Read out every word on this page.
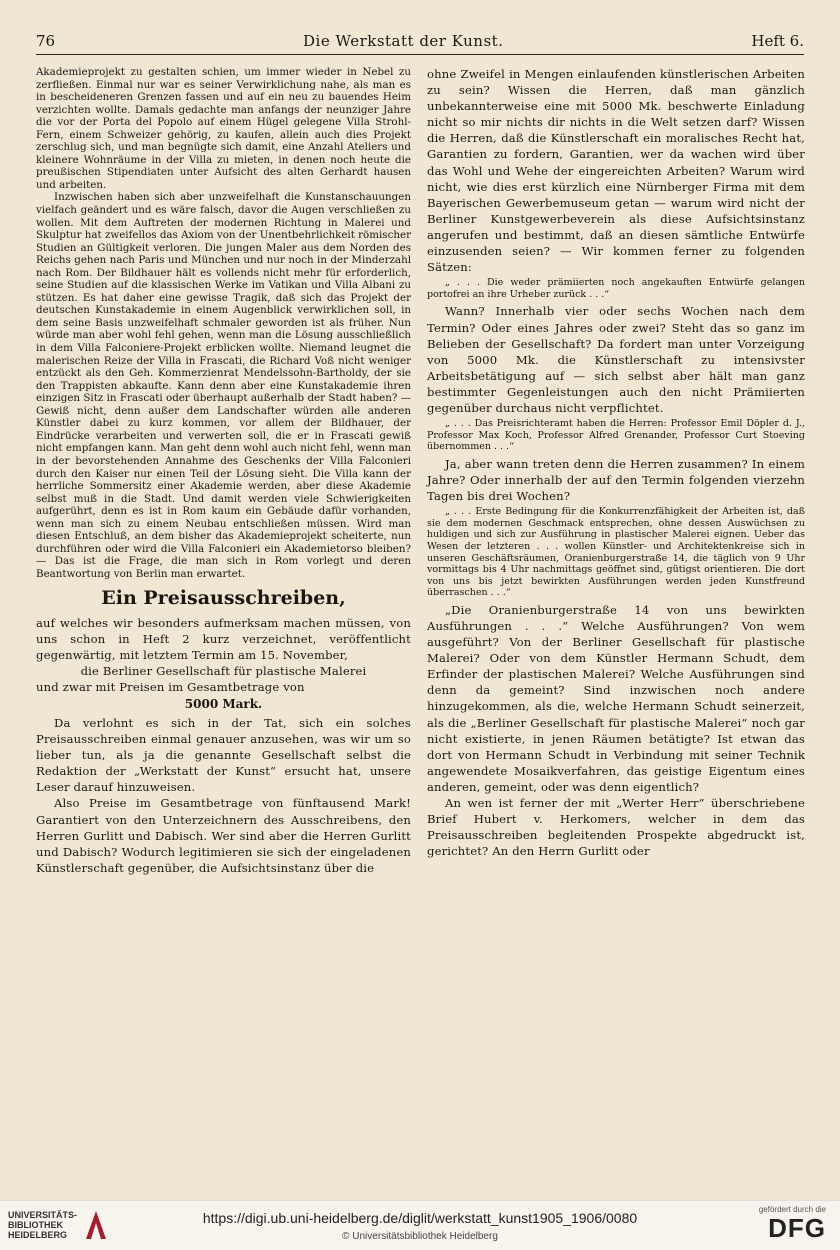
76	Die Werkstatt der Kunst.	Heft 6.

Akademieprojekt zu gestalten schien, um immer wieder in Nebel zu zerfließen. Einmal nur war es seiner Verwirklichung nahe, als man es in bescheideneren Grenzen fassen und auf ein neu zu bauendes Heim verzichten wollte. Damals gedachte man anfangs der neunziger Jahre die vor der Porta del Popolo auf einem Hügel gelegene Villa Strohl-Fern, einem Schweizer gehörig, zu kaufen, allein auch dies Projekt zerschlug sich, und man begnügte sich damit, eine Anzahl Ateliers und kleinere Wohnräume in der Villa zu mieten, in denen noch heute die preußischen Stipendiaten unter Aufsicht des alten Gerhardt hausen und arbeiten.

Inzwischen haben sich aber unzweifelhaft die Kunstanschauungen vielfach geändert und es wäre falsch, davor die Augen verschließen zu wollen. Mit dem Auftreten der modernen Richtung in Malerei und Skulptur hat zweifellos das Axiom von der Unentbehrlichkeit römischer Studien an Gültigkeit verloren. Die jungen Maler aus dem Norden des Reichs gehen nach Paris und München und nur noch in der Minderzahl nach Rom. Der Bildhauer hält es vollends nicht mehr für erforderlich, seine Studien auf die klassischen Werke im Vatikan und Villa Albani zu stützen. Es hat daher eine gewisse Tragik, daß sich das Projekt der deutschen Kunstakademie in einem Augenblick verwirklichen soll, in dem seine Basis unzweifelhaft schmaler geworden ist als früher. Nun würde man aber wohl fehl gehen, wenn man die Lösung ausschließlich in dem Villa Falconiere-Projekt erblicken wollte. Niemand leugnet die malerischen Reize der Villa in Frascati, die Richard Voß nicht weniger entzückt als den Geh. Kommerzienrat Mendelssohn-Bartholdy, der sie den Trappisten abkaufte. Kann denn aber eine Kunstakademie ihren einzigen Sitz in Frascati oder überhaupt außerhalb der Stadt haben? — Gewiß nicht, denn außer dem Landschafter würden alle anderen Künstler dabei zu kurz kommen, vor allem der Bildhauer, der Eindrücke verarbeiten und verwerten soll, die er in Frascati gewiß nicht empfangen kann. Man geht denn wohl auch nicht fehl, wenn man in der bevorstehenden Annahme des Geschenks der Villa Falconieri durch den Kaiser nur einen Teil der Lösung sieht. Die Villa kann der herrliche Sommersitz einer Akademie werden, aber diese Akademie selbst muß in die Stadt. Und damit werden viele Schwierigkeiten aufgerührt, denn es ist in Rom kaum ein Gebäude dafür vorhanden, wenn man sich zu einem Neubau entschließen müssen. Wird man diesen Entschluß, an dem bisher das Akademieprojekt scheiterte, nun durchführen oder wird die Villa Falconieri ein Akademietorso bleiben? — Das ist die Frage, die man sich in Rom vorlegt und deren Beantwortung von Berlin man erwartet.

Ein Preisausschreiben,

auf welches wir besonders aufmerksam machen müssen, von uns schon in Heft 2 kurz verzeichnet, veröffentlicht gegenwärtig, mit letztem Termin am 15. November,

die Berliner Gesellschaft für plastische Malerei

und zwar mit Preisen im Gesamtbetrage von

5000 Mark.

Da verlohnt es sich in der Tat, sich ein solches Preisausschreiben einmal genauer anzusehen, was wir um so lieber tun, als ja die genannte Gesellschaft selbst die Redaktion der „Werkstatt der Kunst“ ersucht hat, unsere Leser darauf hinzuweisen.

Also Preise im Gesamtbetrage von fünftausend Mark! Garantiert von den Unterzeichnern des Ausschreibens, den Herren Gurlitt und Dabisch. Wer sind aber die Herren Gurlitt und Dabisch? Wodurch legitimieren sie sich der eingeladenen Künstlerschaft gegenüber, die Aufsichtsinstanz über die

ohne Zweifel in Mengen einlaufenden künstlerischen Arbeiten zu sein? Wissen die Herren, daß man gänzlich unbekannterweise eine mit 5000 Mk. beschwerte Einladung nicht so mir nichts dir nichts in die Welt setzen darf? Wissen die Herren, daß die Künstlerschaft ein moralisches Recht hat, Garantien zu fordern, Garantien, wer da wachen wird über das Wohl und Wehe der eingereichten Arbeiten? Warum wird nicht, wie dies erst kürzlich eine Nürnberger Firma mit dem Bayerischen Gewerbemuseum getan — warum wird nicht der Berliner Kunstgewerbeverein als diese Aufsichtsinstanz angerufen und bestimmt, daß an diesen sämtliche Entwürfe einzusenden seien? — Wir kommen ferner zu folgenden Sätzen:

„ . . . Die weder prämiierten noch angekauften Entwürfe gelangen portofrei an ihre Urheber zurück . . .“

Wann? Innerhalb vier oder sechs Wochen nach dem Termin? Oder eines Jahres oder zwei? Steht das so ganz im Belieben der Gesellschaft? Da fordert man unter Vorzeigung von 5000 Mk. die Künstlerschaft zu intensivster Arbeitsbetätigung auf — sich selbst aber hält man ganz bestimmter Gegenleistungen auch den nicht Prämiierten gegenüber durchaus nicht verpflichtet.

„ . . . Das Preisrichteramt haben die Herren: Professor Emil Döpler d. J., Professor Max Koch, Professor Alfred Grenander, Professor Curt Stoeving übernommen . . .“

Ja, aber wann treten denn die Herren zusammen? In einem Jahre? Oder innerhalb der auf den Termin folgenden vierzehn Tagen bis drei Wochen?

„ . . . Erste Bedingung für die Konkurrenzfähigkeit der Arbeiten ist, daß sie dem modernen Geschmack entsprechen, ohne dessen Auswüchsen zu huldigen und sich zur Ausführung in plastischer Malerei eignen. Ueber das Wesen der letzteren . . . wollen Künstler- und Architektenkreise sich in unseren Geschäftsräumen, Oranienburgerstraße 14, die täglich von 9 Uhr vormittags bis 4 Uhr nachmittags geöffnet sind, gütigst orientieren. Die dort von uns bis jetzt bewirkten Ausführungen werden jeden Kunstfreund überraschen . . .“

„Die Oranienburgerstraße 14 von uns bewirkten Ausführungen . . .“ Welche Ausführungen? Von wem ausgeführt? Von der Berliner Gesellschaft für plastische Malerei? Oder von dem Künstler Hermann Schudt, dem Erfinder der plastischen Malerei? Welche Ausführungen sind denn da gemeint? Sind inzwischen noch andere hinzugekommen, als die, welche Hermann Schudt seinerzeit, als die „Berliner Gesellschaft für plastische Malerei“ noch gar nicht existierte, in jenen Räumen betätigte? Ist etwan das dort von Hermann Schudt in Verbindung mit seiner Technik angewendete Mosaikverfahren, das geistige Eigentum eines anderen, gemeint, oder was denn eigentlich?

An wen ist ferner der mit „Werter Herr“ überschriebene Brief Hubert v. Herkomers, welcher in dem das Preisausschreiben begleitenden Prospekte abgedruckt ist, gerichtet? An den Herrn Gurlitt oder

UNIVERSITÄTS-
BIBLIOTHEK
HEIDELBERG
https://digi.ub.uni-heidelberg.de/diglit/werkstatt_kunst1905_1906/0080
© Universitätsbibliothek Heidelberg
gefördert durch die
DFG
